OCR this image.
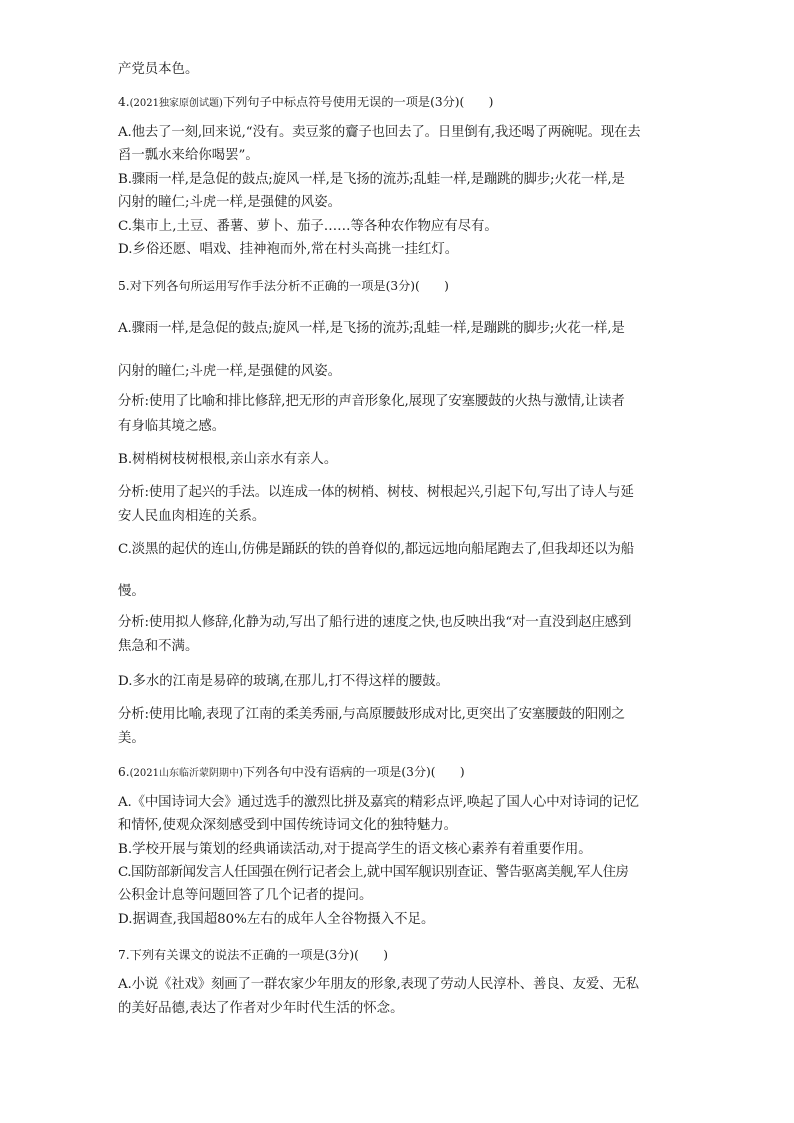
产党员本色。
4.(2021独家原创试题)下列句子中标点符号使用无误的一项是(3分)(　　)
A.他去了一刻,回来说,“没有。卖豆浆的齎子也回去了。日里倒有,我还喝了两碗呢。现在去
舀一瓢水来给你喝罢”。
B.骤雨一样,是急促的鼓点;旋风一样,是飞扬的流苏;乱蛙一样,是蹦跳的脚步;火花一样,是
闪射的瞳仁;斗虎一样,是强健的风姿。
C.集市上,土豆、番薯、萝卜、茄子……等各种农作物应有尽有。
D.乡俗还愿、唱戏、挂神袍而外,常在村头高挑一挂红灯。
5.对下列各句所运用写作手法分析不正确的一项是(3分)(　　)
A.骤雨一样,是急促的鼓点;旋风一样,是飞扬的流苏;乱蛙一样,是蹦跳的脚步;火花一样,是
闪射的瞳仁;斗虎一样,是强健的风姿。
分析:使用了比喻和排比修辞,把无形的声音形象化,展现了安塞腰鼓的火热与激情,让读者
有身临其境之感。
B.树梢树枝树根根,亲山亲水有亲人。
分析:使用了起兴的手法。以连成一体的树梢、树枝、树根起兴,引起下句,写出了诗人与延
安人民血肉相连的关系。
C.淡黑的起伏的连山,仿佛是踊跃的铁的兽脊似的,都远远地向船尾跑去了,但我却还以为船
慢。
分析:使用拟人修辞,化静为动,写出了船行进的速度之快,也反映出我“对一直没到赵庄感到
焦急和不满。
D.多水的江南是易碎的玻璃,在那儿,打不得这样的腰鼓。
分析:使用比喻,表现了江南的柔美秀丽,与高原腰鼓形成对比,更突出了安塞腰鼓的阳刚之
美。
6.(2021山东临沂蒙阴期中)下列各句中没有语病的一项是(3分)(　　)
A.《中国诗词大会》通过选手的激烈比拼及嘉宾的精彩点评,唤起了国人心中对诗词的记忆
和情怀,使观众深刻感受到中国传统诗词文化的独特魅力。
B.学校开展与策划的经典诵读活动,对于提高学生的语文核心素养有着重要作用。
C.国防部新闻发言人任国强在例行记者会上,就中国军舰识别查证、警告驱离美舰,军人住房
公积金计息等问题回答了几个记者的提问。
D.据调查,我国超80%左右的成年人全谷物摄入不足。
7.下列有关课文的说法不正确的一项是(3分)(　　)
A.小说《社戏》刻画了一群农家少年朋友的形象,表现了劳动人民淳朴、善良、友爱、无私
的美好品德,表达了作者对少年时代生活的怀念。
